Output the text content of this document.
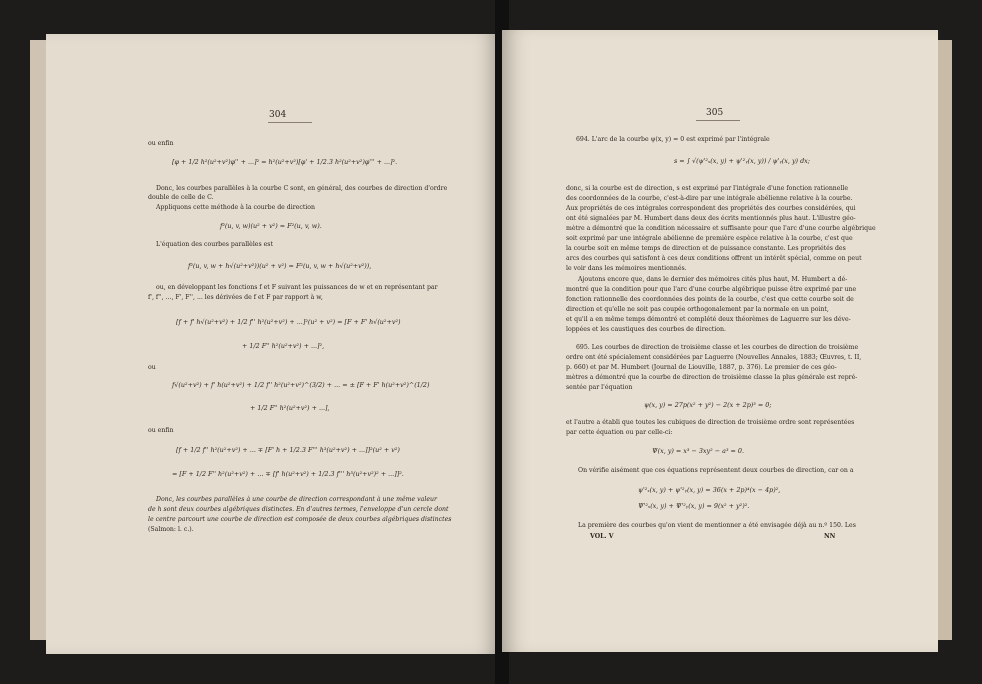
304
ou enfin
[φ + 1/2 h²(u²+v²)φ'' + ...]² = h²(u²+v²)[φ' + 1/2.3 h²(u²+v²)φ''' + ...]².
Donc, les courbes parallèles à la courbe C sont, en général, des courbes de direction d'ordre
double de celle de C.
Appliquons cette méthode à la courbe de direction
f²(u, v, w)(u² + v²) = F²(u, v, w).
L'équation des courbes parallèles est
f²(u, v, w + h√(u²+v²))(u² + v²) = F²(u, v, w + h√(u²+v²)),
ou, en développant les fonctions f et F suivant les puissances de w et en représentant par
f', f'', ..., F', F'', ... les dérivées de f et F par rapport à w,
[f + f' h√(u²+v²) + 1/2 f'' h²(u²+v²) + ...]²(u² + v²) = [F + F' h√(u²+v²)
+ 1/2 F'' h²(u²+v²) + ...]²,
ou
f√(u²+v²) + f' h(u²+v²) + 1/2 f'' h²(u²+v²)^(3/2) + ... = ± [F + F' h(u²+v²)^(1/2)
+ 1/2 F'' h²(u²+v²) + ...],
ou enfin
[f + 1/2 f'' h²(u²+v²) + ... ∓ [F' h + 1/2.3 F''' h³(u²+v²) + ...]]²(u² + v²)
= [F + 1/2 F'' h²(u²+v²) + ... ∓ [f' h(u²+v²) + 1/2.3 f''' h³(u²+v²)² + ...]]².
Donc, les courbes parallèles à une courbe de direction correspondant à une même valeur
de h sont deux courbes algébriques distinctes. En d'autres termes, l'enveloppe d'un cercle dont
le centre parcourt une courbe de direction est composée de deux courbes algébriques distinctes
(Salmon: l. c.).
305
694. L'arc de la courbe ψ(x, y) = 0 est exprimé par l'intégrale
s = ∫ √(ψ'²ₓ(x, y) + ψ'²ᵧ(x, y)) / ψ'ᵧ(x, y) dx;
donc, si la courbe est de direction, s est exprimé par l'intégrale d'une fonction rationnelle
des coordonnées de la courbe, c'est-à-dire par une intégrale abélienne relative à la courbe.
Aux propriétés de ces intégrales correspondent des propriétés des courbes considérées, qui
ont été signalées par M. Humbert dans deux des écrits mentionnés plus haut. L'illustre géo-
mètre a démontré que la condition nécessaire et suffisante pour que l'arc d'une courbe algébrique
soit exprimé par une intégrale abélienne de première espèce relative à la courbe, c'est que
la courbe soit en même temps de direction et de puissance constante. Les propriétés des
arcs des courbes qui satisfont à ces deux conditions offrent un intérêt spécial, comme on peut
le voir dans les mémoires mentionnés.
Ajoutons encore que, dans le dernier des mémoires cités plus haut, M. Humbert a dé-
montré que la condition pour que l'arc d'une courbe algébrique puisse être exprimé par une
fonction rationnelle des coordonnées des points de la courbe, c'est que cette courbe soit de
direction et qu'elle ne soit pas coupée orthogonalement par la normale en un point,
et qu'il a en même temps démontré et complété deux théorèmes de Laguerre sur les déve-
loppées et les caustiques des courbes de direction.
695. Les courbes de direction de troisième classe et les courbes de direction de troisième
ordre ont été spécialement considérées par Laguerre (Nouvelles Annales, 1883; Œuvres, t. II,
p. 660) et par M. Humbert (Journal de Liouville, 1887, p. 376). Le premier de ces géo-
mètres a démontré que la courbe de direction de troisième classe la plus générale est repré-
sentée par l'équation
ψ(x, y) = 27p(x² + y²) − 2(x + 2p)³ = 0;
et l'autre a établi que toutes les cubiques de direction de troisième ordre sont représentées
par cette équation ou par celle-ci:
Ψ(x, y) = x³ − 3xy² − a³ = 0.
On vérifie aisément que ces équations représentent deux courbes de direction, car on a
ψ'²ₓ(x, y) + ψ'²ᵧ(x, y) = 36(x + 2p)⁴(x − 4p)²,
Ψ'²ₓ(x, y) + Ψ'²ᵧ(x, y) = 9(x² + y²)².
La première des courbes qu'on vient de mentionner a été envisagée déjà au n.º 150. Les
VOL. V	NN
